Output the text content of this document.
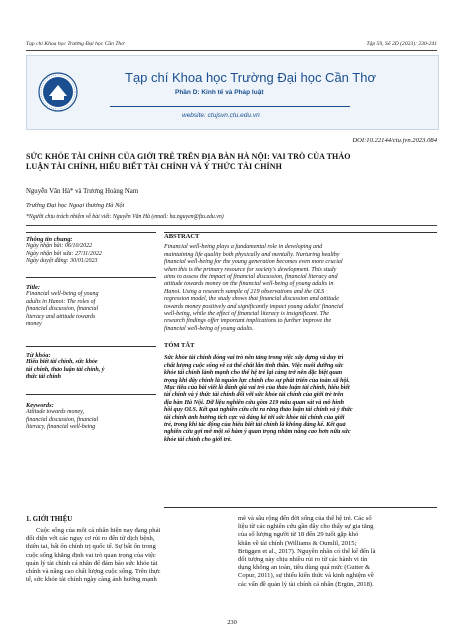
Tạp chí Khoa học Trường Đại học Cần Thơ	Tập 59, Số 2D (2023): 230-241
Tạp chí Khoa học Trường Đại học Cần Thơ
Phần D: Kinh tế và Pháp luật
website: ctujsvn.ctu.edu.vn
DOI:10.22144/ctu.jvn.2023.084
SỨC KHỎE TÀI CHÍNH CỦA GIỚI TRẺ TRÊN ĐỊA BÀN HÀ NỘI: VAI TRÒ CỦA THẢO
LUẬN TÀI CHÍNH, HIỂU BIẾT TÀI CHÍNH VÀ Ý THỨC TÀI CHÍNH
Nguyễn Văn Hà* và Trương Hoàng Nam
Trường Đại học Ngoại thương Hà Nội
*Người chịu trách nhiệm về bài viết: Nguyễn Văn Hà (email: ha.nguyen@ftu.edu.vn)
Thông tin chung:
Ngày nhận bài: 06/10/2022
Ngày nhận bài sửa: 27/11/2022
Ngày duyệt đăng: 30/01/2023
Title:
Financial well-being of young
adults in Hanoi: The roles of
financial discussion, financial
literacy and attitude towards
money
Từ khóa:
Hiểu biết tài chính, sức khỏe
tài chính, thảo luận tài chính, ý
thức tài chính
Keywords:
Attitude towards money,
financial discussion, financial
literacy, financial well-being
ABSTRACT
Financial well-being plays a fundamental role in developing and
maintaining life quality both physically and mentally. Nurturing healthy
financial well-being for the young generation becomes even more crucial
when this is the primary resource for society's development. This study
aims to assess the impact of financial discussion, financial literacy and
attitude towards money on the financial well-being of young adults in
Hanoi. Using a research sample of 219 observations and the OLS
regression model, the study shows that financial discussion and attitude
towards money positively and significantly impact young adults' financial
well-being, while the effect of financial literacy is insignificant. The
research findings offer important implications to further improve the
financial well-being of young adults.
TÓM TẮT
Sức khỏe tài chính đóng vai trò nền tảng trong việc xây dựng và duy trì
chất lượng cuộc sống về cả thể chất lẫn tinh thần. Việc nuôi dưỡng sức
khỏe tài chính lành mạnh cho thế hệ trẻ lại càng trở nên đặc biệt quan
trọng khi đây chính là nguồn lực chính cho sự phát triển của toàn xã hội.
Mục tiêu của bài viết là đánh giá vai trò của thảo luận tài chính, hiểu biết
tài chính và ý thức tài chính đối với sức khỏe tài chính của giới trẻ trên
địa bàn Hà Nội. Dữ liệu nghiên cứu gồm 219 mẫu quan sát và mô hình
hồi quy OLS. Kết quả nghiên cứu chỉ ra rằng thảo luận tài chính và ý thức
tài chính ảnh hưởng tích cực và đáng kể tới sức khỏe tài chính của giới
trẻ, trong khi tác động của hiểu biết tài chính là không đáng kể. Kết quả
nghiên cứu gợi mở một số hàm ý quan trọng nhằm nâng cao hơn nữa sức
khỏe tài chính cho giới trẻ.
1. GIỚI THIỆU
Cuộc sống của mỗi cá nhân hiện nay đang phải
đối diện với các nguy cơ rủi ro đến từ dịch bệnh,
thiên tai, bất ổn chính trị quốc tế. Sự bất ổn trong
cuộc sống khẳng định vai trò quan trọng của việc
quản lý tài chính cá nhân để đảm bảo sức khỏe tài
chính và nâng cao chất lượng cuộc sống. Trên thực
tế, sức khỏe tài chính ngày càng ảnh hưởng mạnh
mẽ và sâu rộng đến đời sống của thế hệ trẻ. Các số
liệu từ các nghiên cứu gần đây cho thấy sự gia tăng
của số lượng người từ 18 đến 29 tuổi gặp khó
khăn về tài chính (Williams & Oumlil, 2015;
Brüggen et al., 2017). Nguyên nhân có thể kể đến là
đối tượng này chịu nhiều rủi ro từ các hành vi tín
dụng không an toàn, tiêu dùng quá mức (Gutter &
Copur, 2011), sự thiếu kiến thức và kinh nghiệm về
các vấn đề quản lý tài chính cá nhân (Ergün, 2018).
230
